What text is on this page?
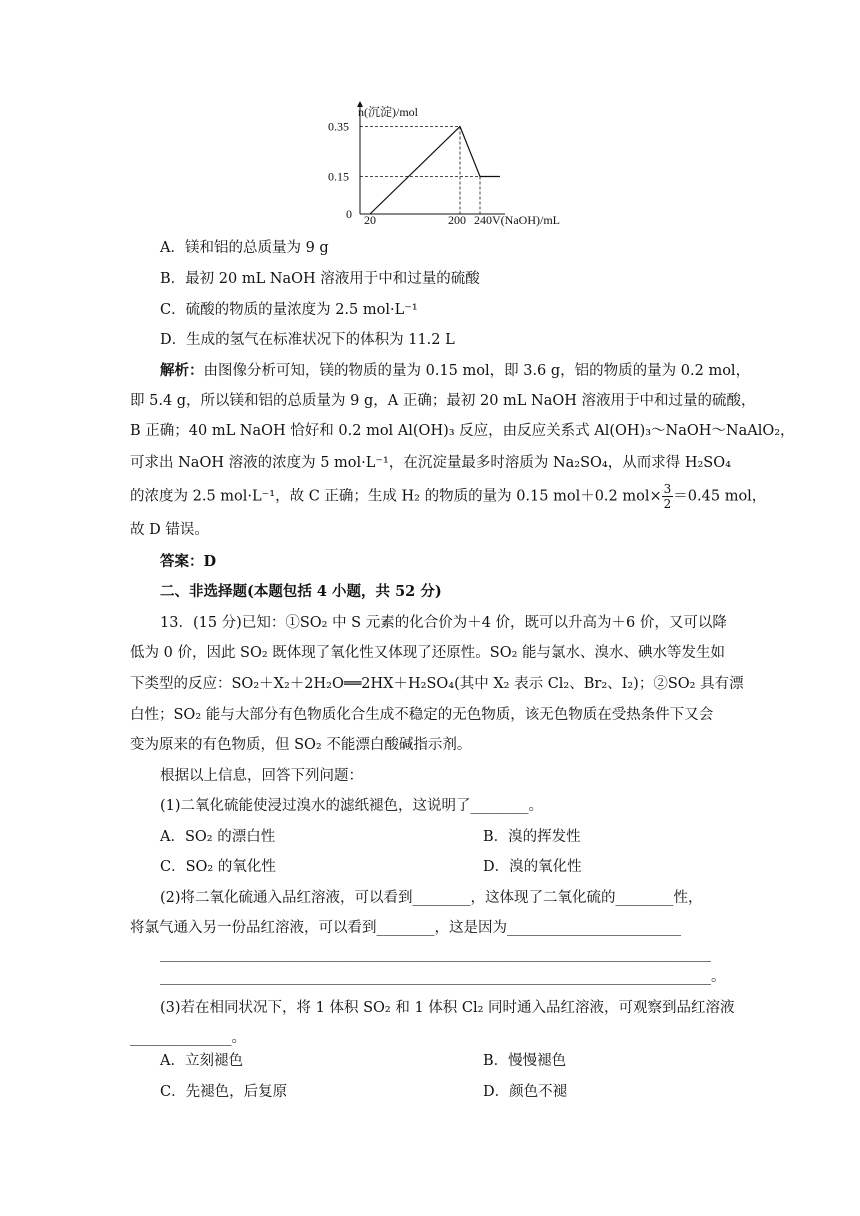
n(沉淀)/mol
V(NaOH)/mL
0
0.35
0.15
20	200 240
A．镁和铝的总质量为 9 g
B．最初 20 mL NaOH 溶液用于中和过量的硫酸
C．硫酸的物质的量浓度为 2.5 mol·L⁻¹
D．生成的氢气在标准状况下的体积为 11.2 L
解析：由图像分析可知，镁的物质的量为 0.15 mol，即 3.6 g，铝的物质的量为 0.2 mol，
即 5.4 g，所以镁和铝的总质量为 9 g，A 正确；最初 20 mL NaOH 溶液用于中和过量的硫酸，
B 正确；40 mL NaOH 恰好和 0.2 mol Al(OH)₃ 反应，由反应关系式 Al(OH)₃～NaOH～NaAlO₂，
可求出 NaOH 溶液的浓度为 5 mol·L⁻¹，在沉淀量最多时溶质为 Na₂SO₄，从而求得 H₂SO₄
的浓度为 2.5 mol·L⁻¹，故 C 正确；生成 H₂ 的物质的量为 0.15 mol＋0.2 $mol\times \frac{3}{2} =0.45$ mol，
故 D 错误。
答案：D
二、非选择题(本题包括 4 小题，共 52 分)
13．(15 分)已知：①SO₂ 中 S 元素的化合价为＋4 价，既可以升高为＋6 价，又可以降
低为 0 价，因此 SO₂ 既体现了氧化性又体现了还原性。SO₂ 能与氯水、溴水、碘水等发生如
下类型的反应：SO₂＋X₂＋2H₂O══2HX＋H₂SO₄(其中 X₂ 表示 Cl₂、Br₂、I₂)；②SO₂ 具有漂
白性；SO₂ 能与大部分有色物质化合生成不稳定的无色物质，该无色物质在受热条件下又会
变为原来的有色物质，但 SO₂ 不能漂白酸碱指示剂。
根据以上信息，回答下列问题：
(1)二氧化硫能使浸过溴水的滤纸褪色，这说明了________。
A．SO₂ 的漂白性	B．溴的挥发性
C．SO₂ 的氧化性	D．溴的氧化性
(2)将二氧化硫通入品红溶液，可以看到________，这体现了二氧化硫的________性，
将氯气通入另一份品红溶液，可以看到________，这是因为________________________
____________________________________________________________________________
____________________________________________________________________________。
(3)若在相同状况下，将 1 体积 SO₂ 和 1 体积 Cl₂ 同时通入品红溶液，可观察到品红溶液
______________。
A．立刻褪色	B．慢慢褪色
C．先褪色，后复原	D．颜色不褪
